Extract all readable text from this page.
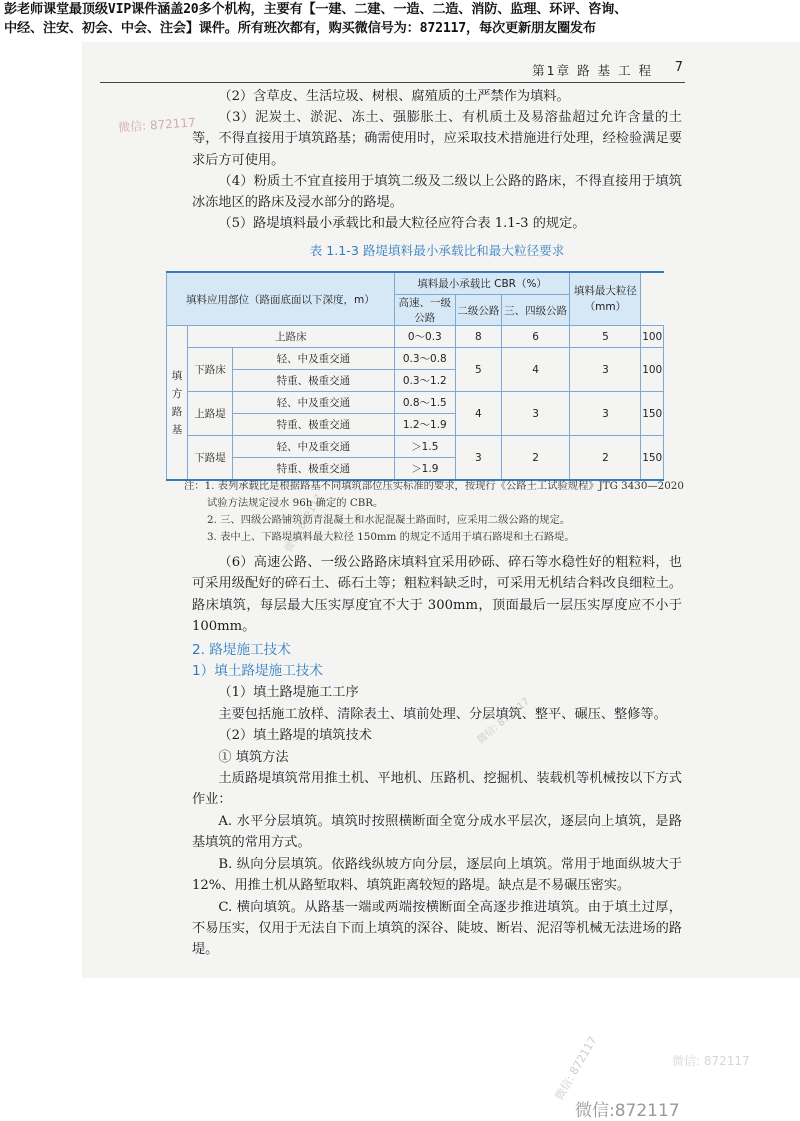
彭老师课堂最顶级VIP课件涵盖20多个机构，主要有【一建、二建、一造、二造、消防、监理、环评、咨询、
中经、注安、初会、中会、注会】课件。所有班次都有，购买微信号为：872117，每次更新朋友圈发布
第1章 路 基 工 程 7

（2）含草皮、生活垃圾、树根、腐殖质的土严禁作为填料。

（3）泥炭土、淤泥、冻土、强膨胀土、有机质土及易溶盐超过允许含量的土等，不得直接用于填筑路基；确需使用时，应采取技术措施进行处理，经检验满足要求后方可使用。

（4）粉质土不宜直接用于填筑二级及二级以上公路的路床，不得直接用于填筑冰冻地区的路床及浸水部分的路堤。

（5）路堤填料最小承载比和最大粒径应符合表 1.1-3 的规定。

表 1.1-3 路堤填料最小承载比和最大粒径要求
填料应用部位（路面底面以下深度，m）			填料最小承载比 CBR（%）			填料最大粒径
（mm）	

			高速、一级公路	二级公路	三、四级公路		

填
方
路
基	上路床		0～0.3	8	6	5	100
	下路床	轻、中及重交通	0.3～0.8	5	4	3	100
		特重、极重交通	0.3～1.2				
	上路堤	轻、中及重交通	0.8～1.5	4	3	3	150
		特重、极重交通	1.2～1.9				
	下路堤	轻、中及重交通	＞1.5	3	2	2	150
		特重、极重交通	＞1.9				
注：1. 表列承载比是根据路基不同填筑部位压实标准的要求，按现行《公路土工试验规程》JTG 3430—2020
试验方法规定浸水 96h 确定的 CBR。
2. 三、四级公路铺筑沥青混凝土和水泥混凝土路面时，应采用二级公路的规定。
3. 表中上、下路堤填料最大粒径 150mm 的规定不适用于填石路堤和土石路堤。

（6）高速公路、一级公路路床填料宜采用砂砾、碎石等水稳性好的粗粒料，也可采用级配好的碎石土、砾石土等；粗粒料缺乏时，可采用无机结合料改良细粒土。路床填筑，每层最大压实厚度宜不大于 300mm，顶面最后一层压实厚度应不小于 100mm。

2. 路堤施工技术
1）填土路堤施工技术

（1）填土路堤施工工序

主要包括施工放样、清除表土、填前处理、分层填筑、整平、碾压、整修等。

（2）填土路堤的填筑技术

① 填筑方法

土质路堤填筑常用推土机、平地机、压路机、挖掘机、装载机等机械按以下方式作业：

A. 水平分层填筑。填筑时按照横断面全宽分成水平层次，逐层向上填筑，是路基填筑的常用方式。

B. 纵向分层填筑。依路线纵坡方向分层，逐层向上填筑。常用于地面纵坡大于 12%、用推土机从路堑取料、填筑距离较短的路堤。缺点是不易碾压密实。

C. 横向填筑。从路基一端或两端按横断面全高逐步推进填筑。由于填土过厚，不易压实，仅用于无法自下而上填筑的深谷、陡坡、断岩、泥沼等机械无法进场的路堤。

微信: 872117
微信: 872117
微信: 872117
微信: 872117	微信: 872117
微信:872117
